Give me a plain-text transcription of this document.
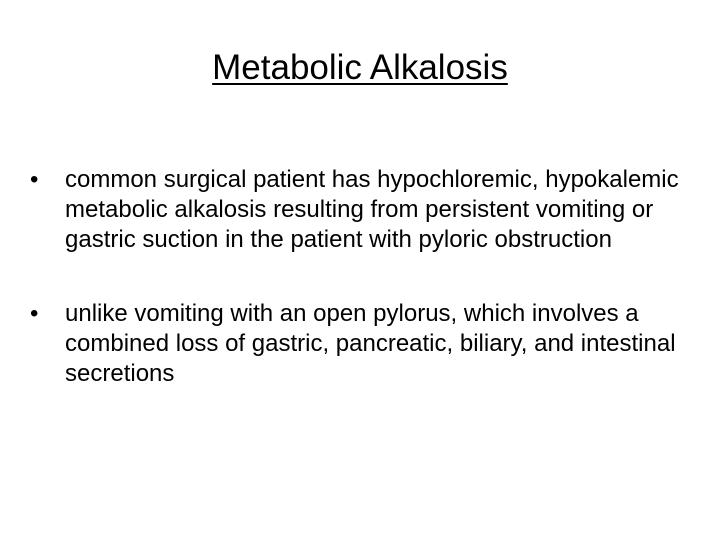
Metabolic Alkalosis
•	common surgical patient has hypochloremic, hypokalemic metabolic alkalosis resulting from persistent vomiting or gastric suction in the patient with pyloric obstruction
•	unlike vomiting with an open pylorus, which involves a combined loss of gastric, pancreatic, biliary, and intestinal secretions
